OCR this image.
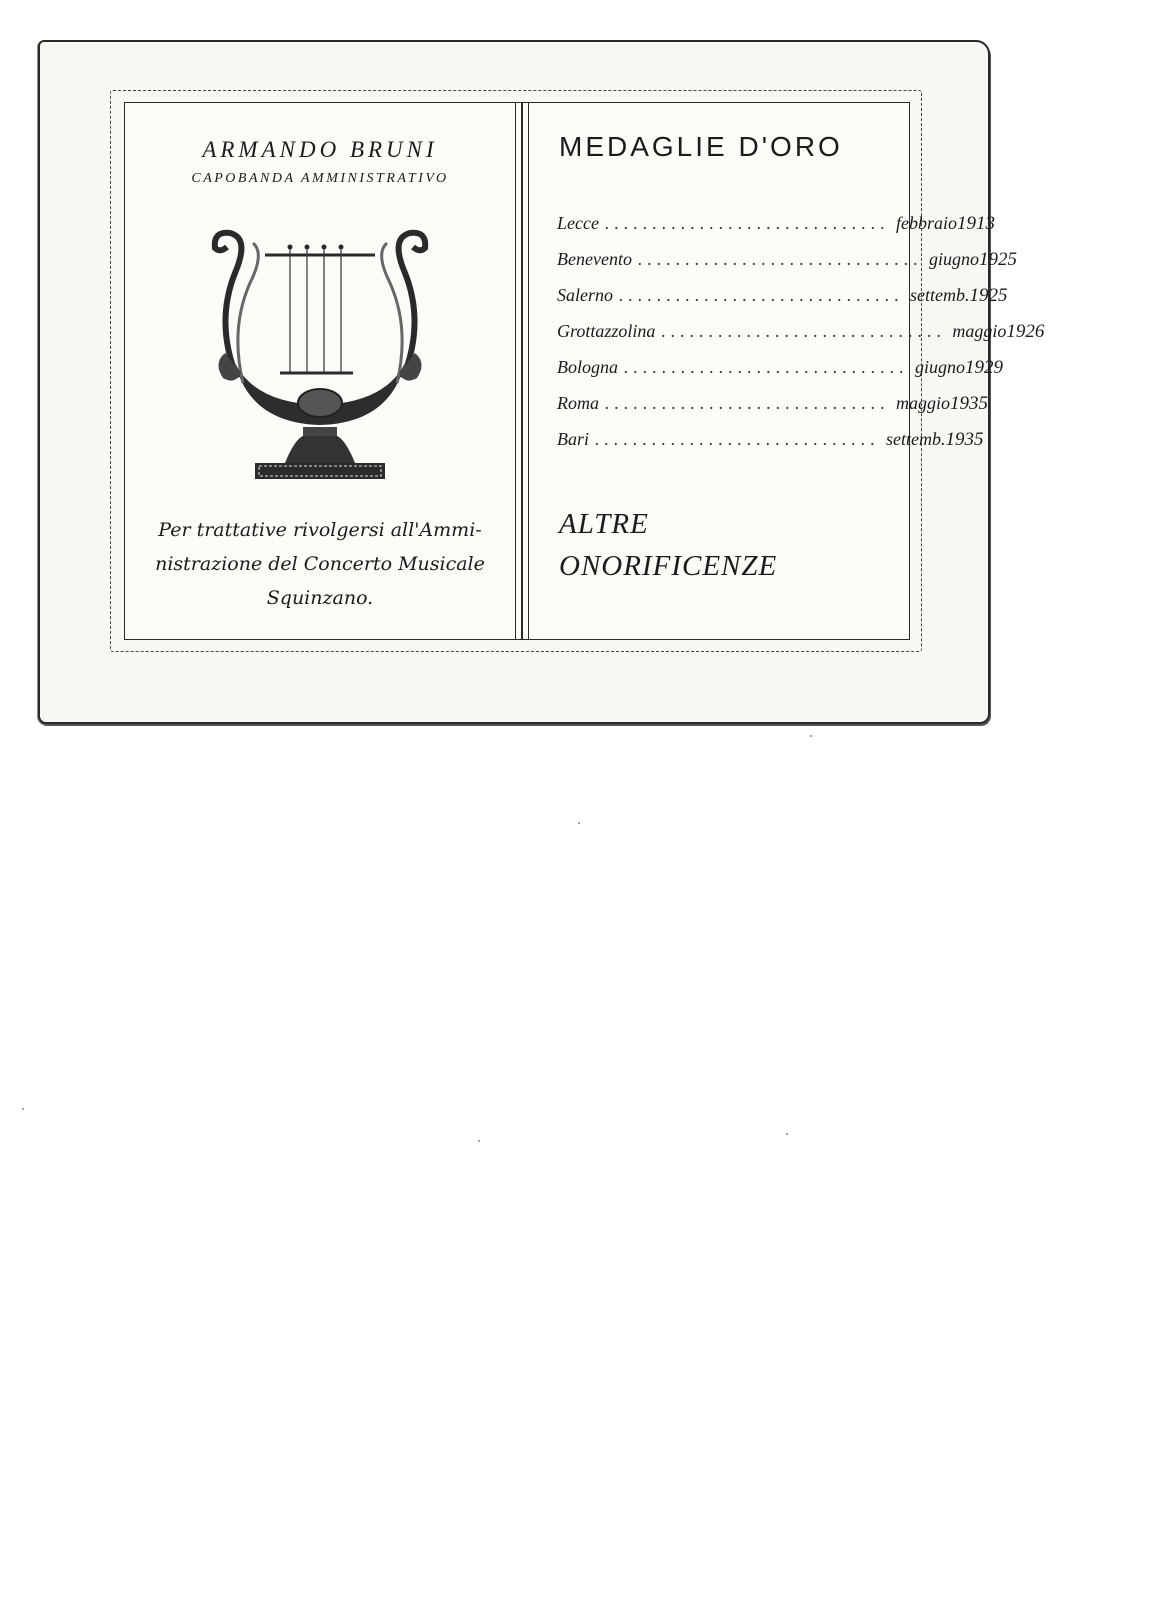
ARMANDO BRUNI
CAPOBANDA AMMINISTRATIVO
Per trattative rivolgersi all'Ammi-
nistrazione del Concerto Musicale
Squinzano.
MEDAGLIE D'ORO
Lecce .............................. febbraio 1913
Benevento .............................. giugno 1925
Salerno .............................. settemb. 1925
Grottazzolina .............................. maggio 1926
Bologna .............................. giugno 1929
Roma .............................. maggio 1935
Bari .............................. settemb. 1935
ALTRE
ONORIFICENZE
